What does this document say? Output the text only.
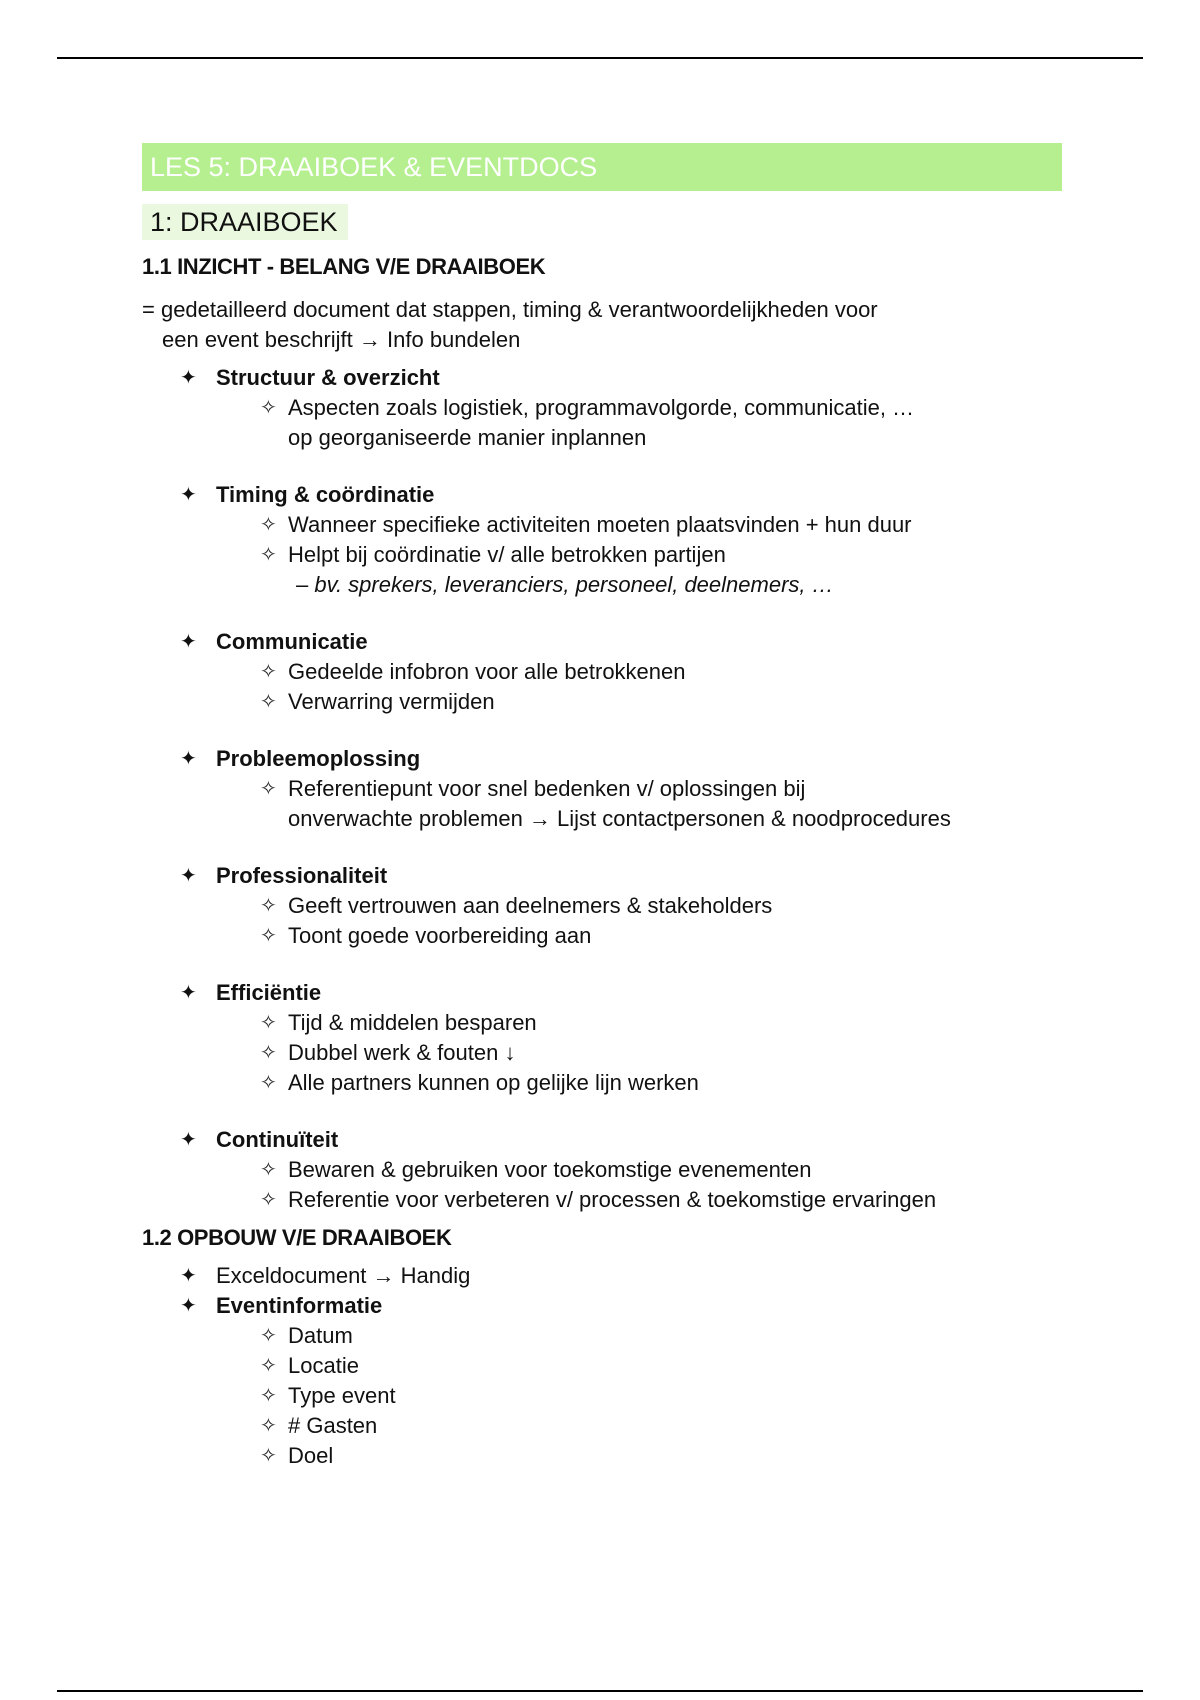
LES 5: DRAAIBOEK & EVENTDOCS
1: DRAAIBOEK
1.1 INZICHT - BELANG V/E DRAAIBOEK
= gedetailleerd document dat stappen, timing & verantwoordelijkheden voor
een event beschrijft → Info bundelen
✦ Structuur & overzicht
✧ Aspecten zoals logistiek, programmavolgorde, communicatie, …
op georganiseerde manier inplannen
✦ Timing & coördinatie
✧ Wanneer specifieke activiteiten moeten plaatsvinden + hun duur
✧ Helpt bij coördinatie v/ alle betrokken partijen
– bv. sprekers, leveranciers, personeel, deelnemers, …
✦ Communicatie
✧ Gedeelde infobron voor alle betrokkenen
✧ Verwarring vermijden
✦ Probleemoplossing
✧ Referentiepunt voor snel bedenken v/ oplossingen bij
onverwachte problemen → Lijst contactpersonen & noodprocedures
✦ Professionaliteit
✧ Geeft vertrouwen aan deelnemers & stakeholders
✧ Toont goede voorbereiding aan
✦ Efficiëntie
✧ Tijd & middelen besparen
✧ Dubbel werk & fouten ↓
✧ Alle partners kunnen op gelijke lijn werken
✦ Continuïteit
✧ Bewaren & gebruiken voor toekomstige evenementen
✧ Referentie voor verbeteren v/ processen & toekomstige ervaringen
1.2 OPBOUW V/E DRAAIBOEK
✦ Exceldocument → Handig
✦ Eventinformatie
✧ Datum
✧ Locatie
✧ Type event
✧ # Gasten
✧ Doel
